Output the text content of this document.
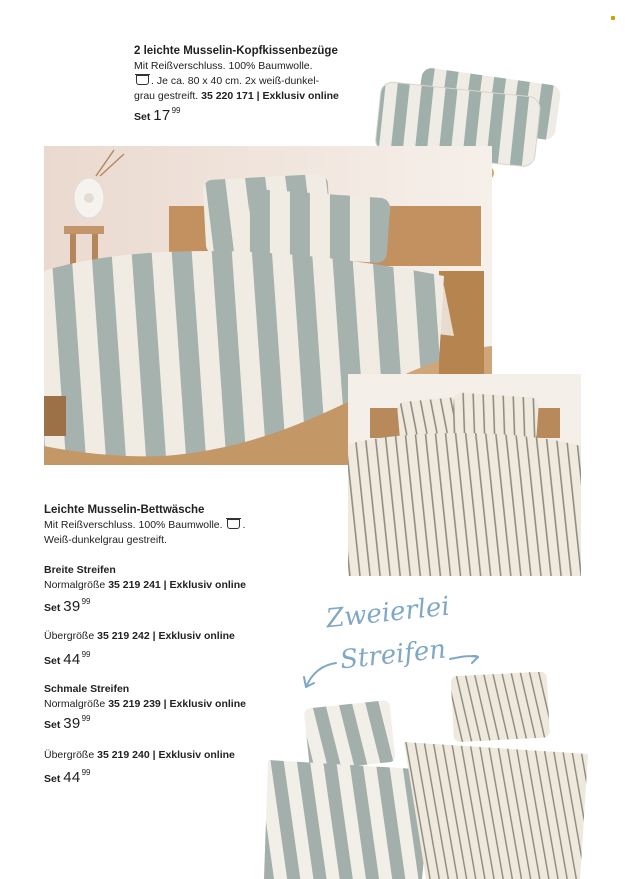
2 leichte Musselin-Kopfkissenbezüge
Mit Reißverschluss. 100% Baumwolle.
. Je ca. 80 x 40 cm. 2x weiß-dunkel-
grau gestreift. 35 220 171 | Exklusiv online
Set $17^{99}$
Leichte Musselin-Bettwäsche
Mit Reißverschluss. 100% Baumwolle. .
Weiß-dunkelgrau gestreift.
Breite Streifen
Normalgröße 35 219 241 | Exklusiv online
Set $39^{99}$
Übergröße 35 219 242 | Exklusiv online
Set $44^{99}$
Schmale Streifen
Normalgröße 35 219 239 | Exklusiv online
Set $39^{99}$
Übergröße 35 219 240 | Exklusiv online
Set $44^{99}$
Zweierlei
Streifen
